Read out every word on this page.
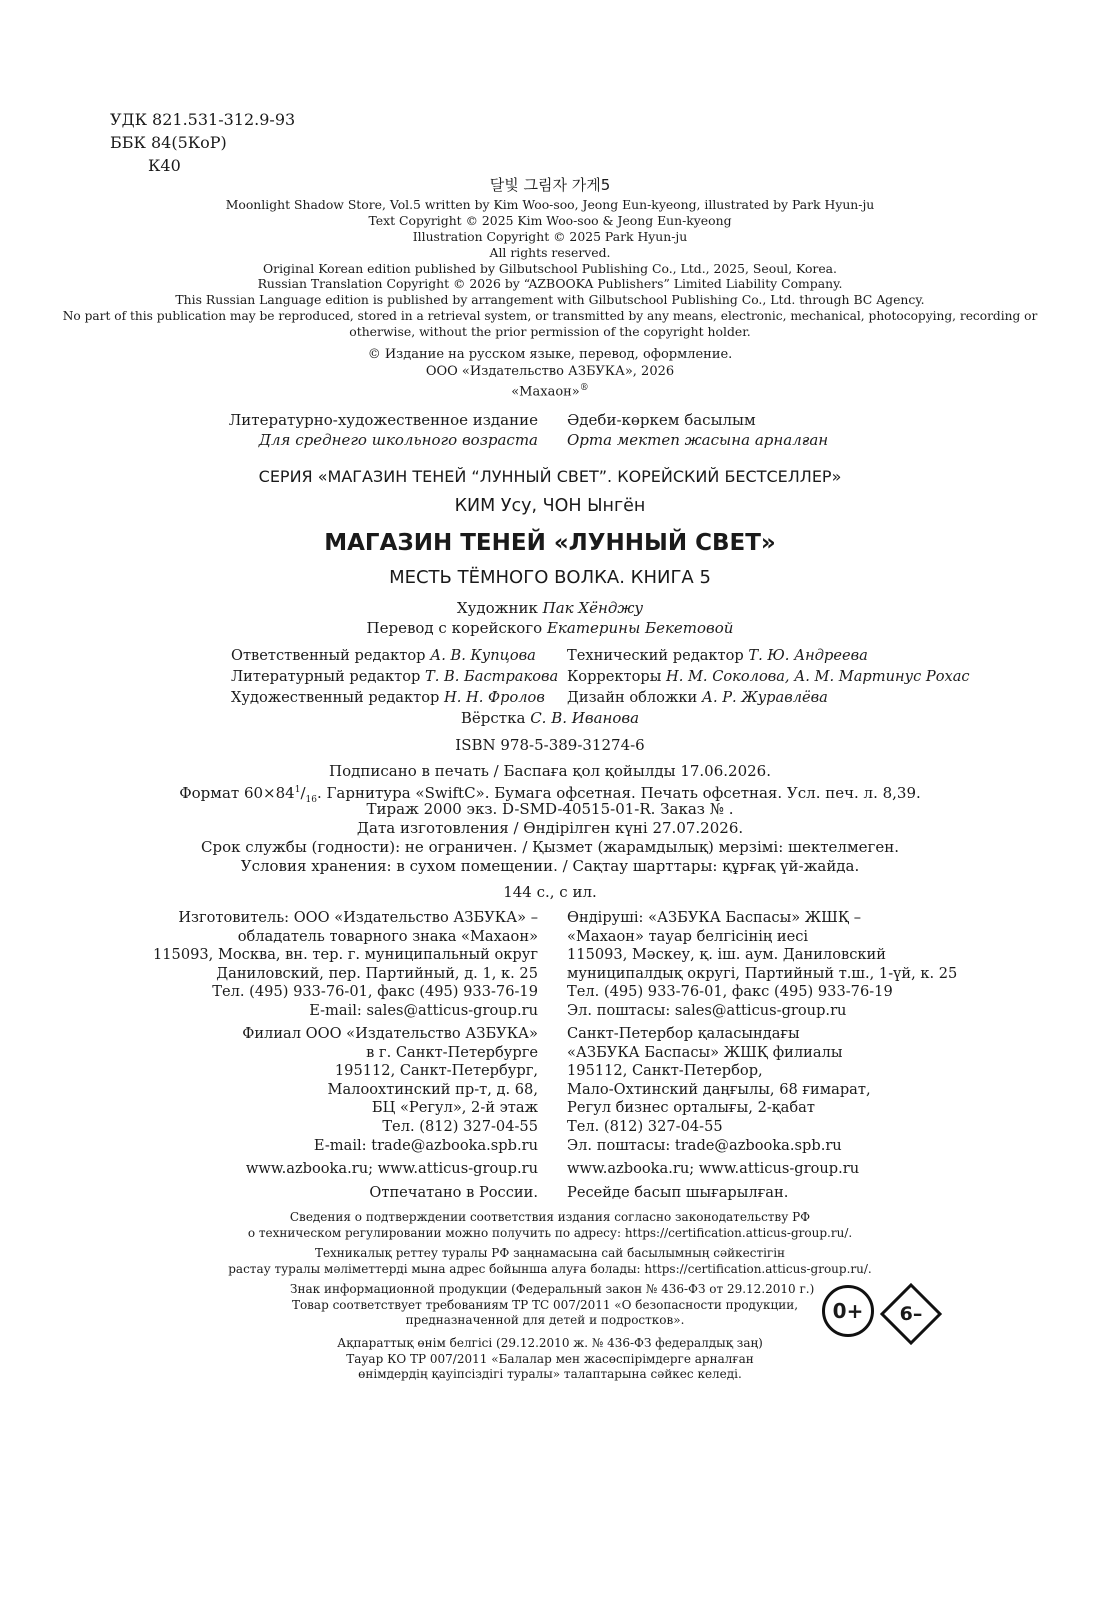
УДК 821.531-312.9-93
ББК 84(5КоР)
К40
달빛 그림자 가게5
Moonlight Shadow Store, Vol.5 written by Kim Woo-soo, Jeong Eun-kyeong, illustrated by Park Hyun-ju
Text Copyright © 2025 Kim Woo-soo & Jeong Eun-kyeong
Illustration Copyright © 2025 Park Hyun-ju
All rights reserved.
Original Korean edition published by Gilbutschool Publishing Co., Ltd., 2025, Seoul, Korea.
Russian Translation Copyright © 2026 by “AZBOOKA Publishers” Limited Liability Company.
This Russian Language edition is published by arrangement with Gilbutschool Publishing Co., Ltd. through BC Agency.
No part of this publication may be reproduced, stored in a retrieval system, or transmitted by any means, electronic, mechanical, photocopying, recording or
otherwise, without the prior permission of the copyright holder.
© Издание на русском языке, перевод, оформление.
ООО «Издательство АЗБУКА», 2026
«Махаон»®
Литературно-художественное издание
Для среднего школьного возраста
Әдеби-көркем басылым
Орта мектеп жасына арналған
СЕРИЯ «МАГАЗИН ТЕНЕЙ “ЛУННЫЙ СВЕТ”. КОРЕЙСКИЙ БЕСТСЕЛЛЕР»
КИМ Усу, ЧОН Ынгён
МАГАЗИН ТЕНЕЙ «ЛУННЫЙ СВЕТ»
МЕСТЬ ТЁМНОГО ВОЛКА. КНИГА 5
Художник Пак Хёнджу
Перевод с корейского Екатерины Бекетовой
Ответственный редактор А. В. Купцова
Литературный редактор Т. В. Бастракова
Художественный редактор Н. Н. Фролов
Технический редактор Т. Ю. Андреева
Корректоры Н. М. Соколова, А. М. Мартинус Рохас
Дизайн обложки А. Р. Журавлёва
Вёрстка С. В. Иванова
ISBN 978-5-389-31274-6
Подписано в печать / Баспаға қол қойылды 17.06.2026.
Формат $60\times 84^1/_{16}$. Гарнитура «SwiftC». Бумага офсетная. Печать офсетная. Усл. печ. л. 8,39.
Тираж 2000 экз. D-SMD-40515-01-R. Заказ № .
Дата изготовления / Өндірілген күні 27.07.2026.
Срок службы (годности): не ограничен. / Қызмет (жарамдылық) мерзімі: шектелмеген.
Условия хранения: в сухом помещении. / Сақтау шарттары: құрғақ үй-жайда.
144 с., с ил.
Изготовитель: ООО «Издательство АЗБУКА» –
обладатель товарного знака «Махаон»
115093, Москва, вн. тер. г. муниципальный округ
Даниловский, пер. Партийный, д. 1, к. 25
Тел. (495) 933-76-01, факс (495) 933-76-19
E-mail: sales@atticus-group.ru
Өндіруші: «АЗБУКА Баспасы» ЖШҚ –
«Махаон» тауар белгісінің иесі
115093, Мәскеу, қ. іш. аум. Даниловский
муниципалдық округі, Партийный т.ш., 1-үй, к. 25
Тел. (495) 933-76-01, факс (495) 933-76-19
Эл. поштасы: sales@atticus-group.ru
Филиал ООО «Издательство АЗБУКА»
в г. Санкт-Петербурге
195112, Санкт-Петербург,
Малоохтинский пр-т, д. 68,
БЦ «Регул», 2-й этаж
Тел. (812) 327-04-55
E-mail: trade@azbooka.spb.ru
Санкт-Петербор қаласындағы
«АЗБУКА Баспасы» ЖШҚ филиалы
195112, Санкт-Петербор,
Мало-Охтинский даңғылы, 68 ғимарат,
Регул бизнес орталығы, 2-қабат
Тел. (812) 327-04-55
Эл. поштасы: trade@azbooka.spb.ru
www.azbooka.ru; www.atticus-group.ru www.azbooka.ru; www.atticus-group.ru
Отпечатано в России. Ресейде басып шығарылған.
Сведения о подтверждении соответствия издания согласно законодательству РФ
о техническом регулировании можно получить по адресу: https://certification.atticus-group.ru/.
Техникалық реттеу туралы РФ заңнамасына сай басылымның сәйкестігін
растау туралы мәліметтерді мына адрес бойынша алуға болады: https://certification.atticus-group.ru/.
Знак информационной продукции (Федеральный закон № 436-ФЗ от 29.12.2010 г.)
Товар соответствует требованиям ТР ТС 007/2011 «О безопасности продукции,
предназначенной для детей и подростков».	0+	6–
Ақпараттық өнім белгісі (29.12.2010 ж. № 436-ФЗ федералдық заң)
Тауар КО ТР 007/2011 «Балалар мен жасөспірімдерге арналған
өнімдердің қауіпсіздігі туралы» талаптарына сәйкес келеді.
